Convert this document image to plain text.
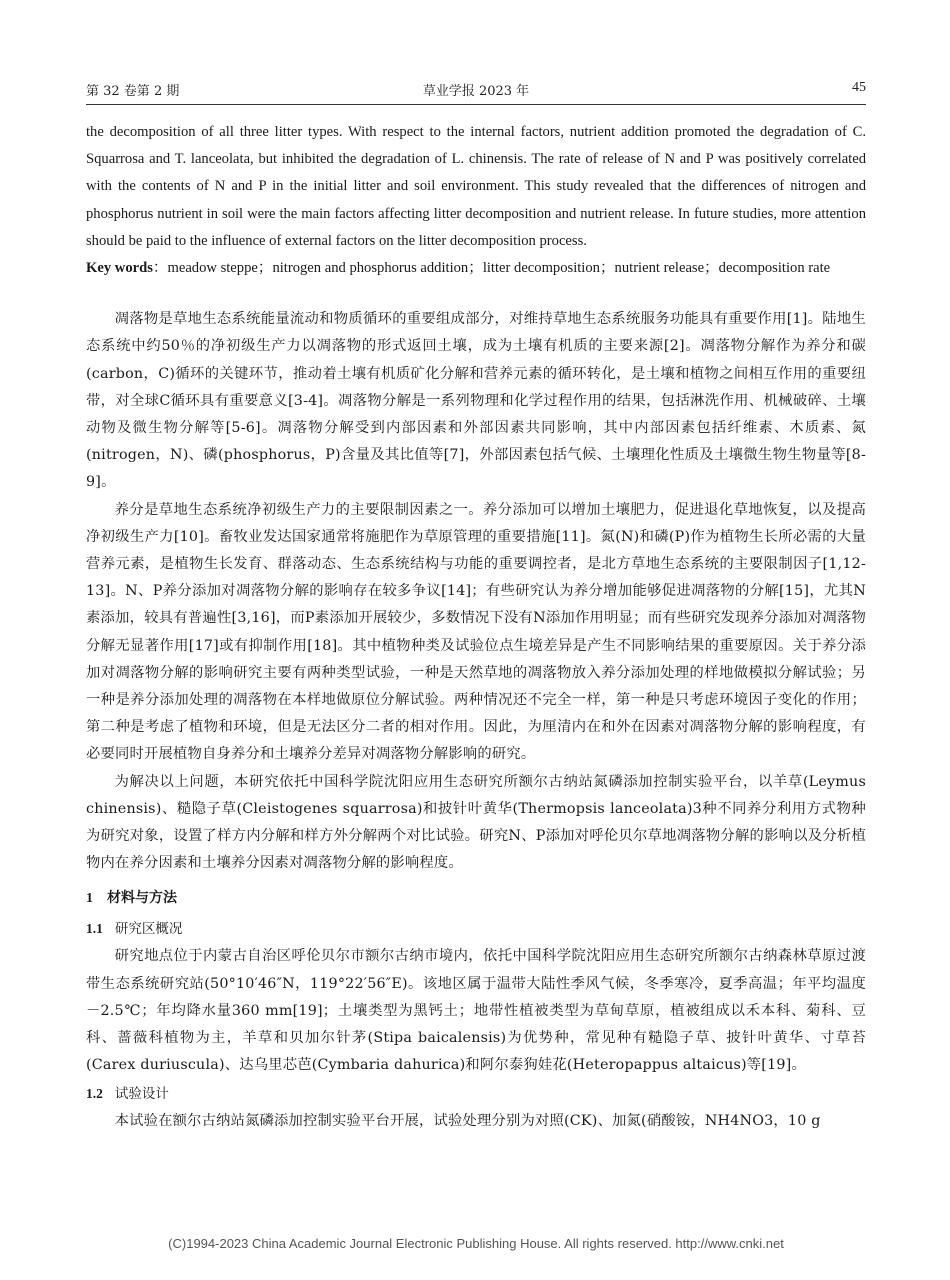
第 32 卷第 2 期	草业学报 2023 年	45

the decomposition of all three litter types. With respect to the internal factors, nutrient addition promoted the degradation of C. Squarrosa and T. lanceolata, but inhibited the degradation of L. chinensis. The rate of release of N and P was positively correlated with the contents of N and P in the initial litter and soil environment. This study revealed that the differences of nitrogen and phosphorus nutrient in soil were the main factors affecting litter decomposition and nutrient release. In future studies, more attention should be paid to the influence of external factors on the litter decomposition process.

Key words：meadow steppe；nitrogen and phosphorus addition；litter decomposition；nutrient release；decomposition rate

凋落物是草地生态系统能量流动和物质循环的重要组成部分，对维持草地生态系统服务功能具有重要作用[1]。陆地生态系统中约50％的净初级生产力以凋落物的形式返回土壤，成为土壤有机质的主要来源[2]。凋落物分解作为养分和碳(carbon，C)循环的关键环节，推动着土壤有机质矿化分解和营养元素的循环转化，是土壤和植物之间相互作用的重要纽带，对全球C循环具有重要意义[3-4]。凋落物分解是一系列物理和化学过程作用的结果，包括淋洗作用、机械破碎、土壤动物及微生物分解等[5-6]。凋落物分解受到内部因素和外部因素共同影响，其中内部因素包括纤维素、木质素、氮(nitrogen，N)、磷(phosphorus，P)含量及其比值等[7]，外部因素包括气候、土壤理化性质及土壤微生物生物量等[8-9]。

养分是草地生态系统净初级生产力的主要限制因素之一。养分添加可以增加土壤肥力，促进退化草地恢复，以及提高净初级生产力[10]。畜牧业发达国家通常将施肥作为草原管理的重要措施[11]。氮(N)和磷(P)作为植物生长所必需的大量营养元素，是植物生长发育、群落动态、生态系统结构与功能的重要调控者，是北方草地生态系统的主要限制因子[1,12-13]。N、P养分添加对凋落物分解的影响存在较多争议[14]；有些研究认为养分增加能够促进凋落物的分解[15]，尤其N素添加，较具有普遍性[3,16]，而P素添加开展较少，多数情况下没有N添加作用明显；而有些研究发现养分添加对凋落物分解无显著作用[17]或有抑制作用[18]。其中植物种类及试验位点生境差异是产生不同影响结果的重要原因。关于养分添加对凋落物分解的影响研究主要有两种类型试验，一种是天然草地的凋落物放入养分添加处理的样地做模拟分解试验；另一种是养分添加处理的凋落物在本样地做原位分解试验。两种情况还不完全一样，第一种是只考虑环境因子变化的作用；第二种是考虑了植物和环境，但是无法区分二者的相对作用。因此，为厘清内在和外在因素对凋落物分解的影响程度，有必要同时开展植物自身养分和土壤养分差异对凋落物分解影响的研究。

为解决以上问题，本研究依托中国科学院沈阳应用生态研究所额尔古纳站氮磷添加控制实验平台，以羊草(Leymus chinensis)、糙隐子草(Cleistogenes squarrosa)和披针叶黄华(Thermopsis lanceolata)3种不同养分利用方式物种为研究对象，设置了样方内分解和样方外分解两个对比试验。研究N、P添加对呼伦贝尔草地凋落物分解的影响以及分析植物内在养分因素和土壤养分因素对凋落物分解的影响程度。

1 材料与方法
1.1 研究区概况

研究地点位于内蒙古自治区呼伦贝尔市额尔古纳市境内，依托中国科学院沈阳应用生态研究所额尔古纳森林草原过渡带生态系统研究站(50°10′46″N，119°22′56″E)。该地区属于温带大陆性季风气候，冬季寒冷，夏季高温；年平均温度－2.5℃；年均降水量360 mm[19]；土壤类型为黑钙土；地带性植被类型为草甸草原，植被组成以禾本科、菊科、豆科、蔷薇科植物为主，羊草和贝加尔针茅(Stipa baicalensis)为优势种，常见种有糙隐子草、披针叶黄华、寸草苔(Carex duriuscula)、达乌里芯芭(Cymbaria dahurica)和阿尔泰狗娃花(Heteropappus altaicus)等[19]。

1.2 试验设计

本试验在额尔古纳站氮磷添加控制实验平台开展，试验处理分别为对照(CK)、加氮(硝酸铵，NH4NO3，10 g

(C)1994-2023 China Academic Journal Electronic Publishing House. All rights reserved. http://www.cnki.net
